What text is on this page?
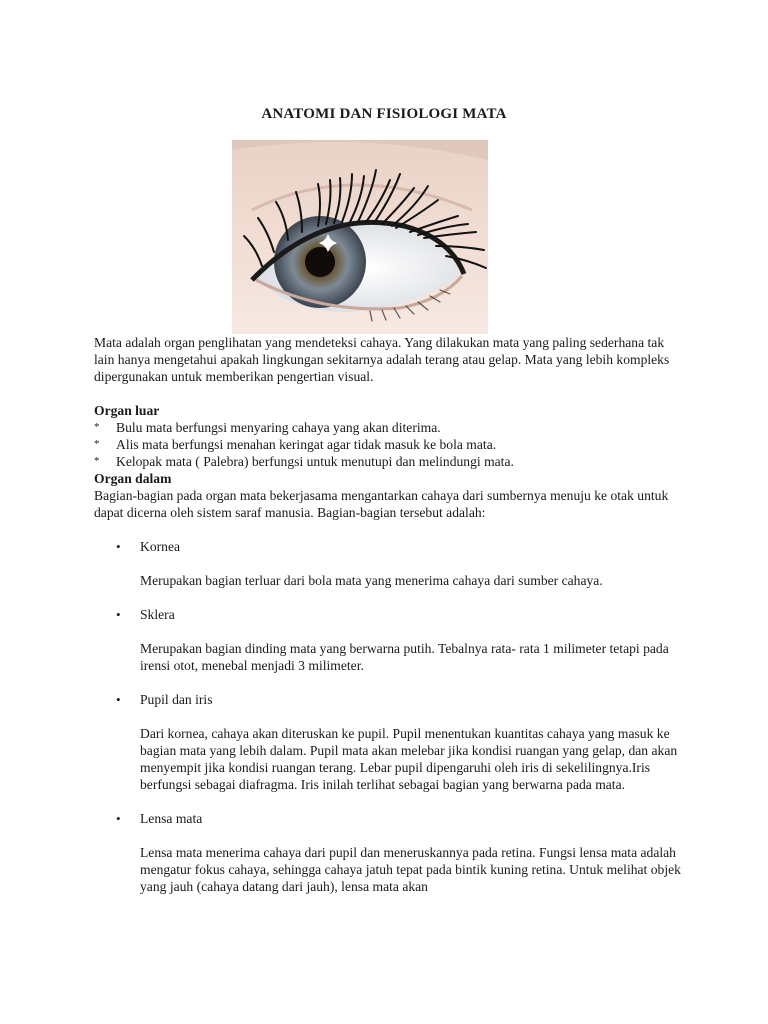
ANATOMI DAN FISIOLOGI MATA

Mata adalah organ penglihatan yang mendeteksi cahaya. Yang dilakukan mata yang paling sederhana tak lain hanya mengetahui apakah lingkungan sekitarnya adalah terang atau gelap. Mata yang lebih kompleks dipergunakan untuk memberikan pengertian visual.

Organ luar

*	Bulu mata berfungsi menyaring cahaya yang akan diterima.
*	Alis mata berfungsi menahan keringat agar tidak masuk ke bola mata.
*	Kelopak mata ( Palebra) berfungsi untuk menutupi dan melindungi mata.

Organ dalam

Bagian-bagian pada organ mata bekerjasama mengantarkan cahaya dari sumbernya menuju ke otak untuk dapat dicerna oleh sistem saraf manusia. Bagian-bagian tersebut adalah:

•	Kornea

Merupakan bagian terluar dari bola mata yang menerima cahaya dari sumber cahaya.

•	Sklera

Merupakan bagian dinding mata yang berwarna putih. Tebalnya rata- rata 1 milimeter tetapi pada irensi otot, menebal menjadi 3 milimeter.

•	Pupil dan iris

Dari kornea, cahaya akan diteruskan ke pupil. Pupil menentukan kuantitas cahaya yang masuk ke bagian mata yang lebih dalam. Pupil mata akan melebar jika kondisi ruangan yang gelap, dan akan menyempit jika kondisi ruangan terang. Lebar pupil dipengaruhi oleh iris di sekelilingnya.Iris berfungsi sebagai diafragma. Iris inilah terlihat sebagai bagian yang berwarna pada mata.

•	Lensa mata

Lensa mata menerima cahaya dari pupil dan meneruskannya pada retina. Fungsi lensa mata adalah mengatur fokus cahaya, sehingga cahaya jatuh tepat pada bintik kuning retina. Untuk melihat objek yang jauh (cahaya datang dari jauh), lensa mata akan
